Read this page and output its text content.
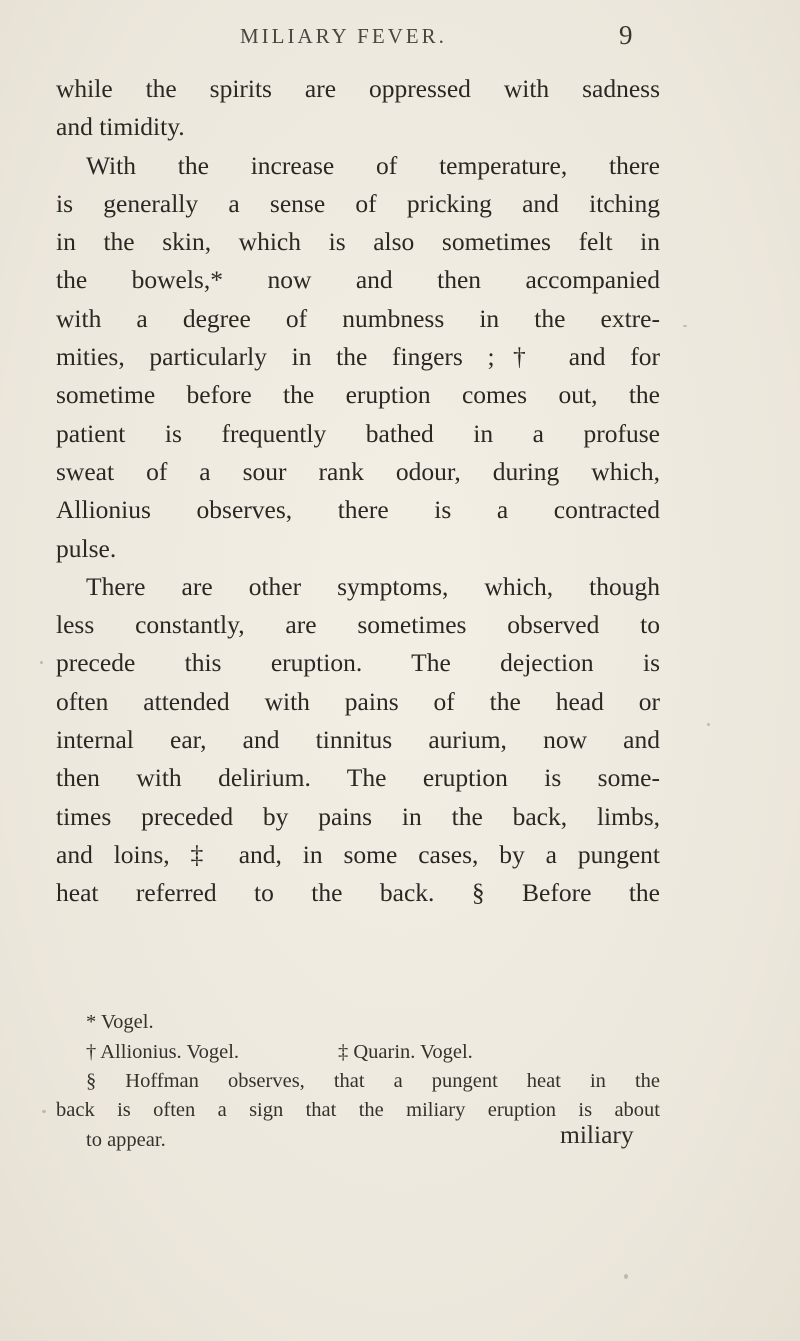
MILIARY FEVER.	9
while the spirits are oppressed with sadness
and timidity.
With the increase of temperature, there
is generally a sense of pricking and itching
in the skin, which is also sometimes felt in
the bowels,* now and then accompanied
with a degree of numbness in the extre-
mities, particularly in the fingers ;† and for
sometime before the eruption comes out, the
patient is frequently bathed in a profuse
sweat of a sour rank odour, during which,
Allionius observes, there is a contracted
pulse.
There are other symptoms, which, though
less constantly, are sometimes observed to
precede this eruption. The dejection is
often attended with pains of the head or
internal ear, and tinnitus aurium, now and
then with delirium. The eruption is some-
times preceded by pains in the back, limbs,
and loins, ‡ and, in some cases, by a pungent
heat referred to the back. § Before the
* Vogel.
† Allionius. Vogel.	‡ Quarin. Vogel.
§ Hoffman observes, that a pungent heat in the
back is often a sign that the miliary eruption is about
to appear.	miliary
